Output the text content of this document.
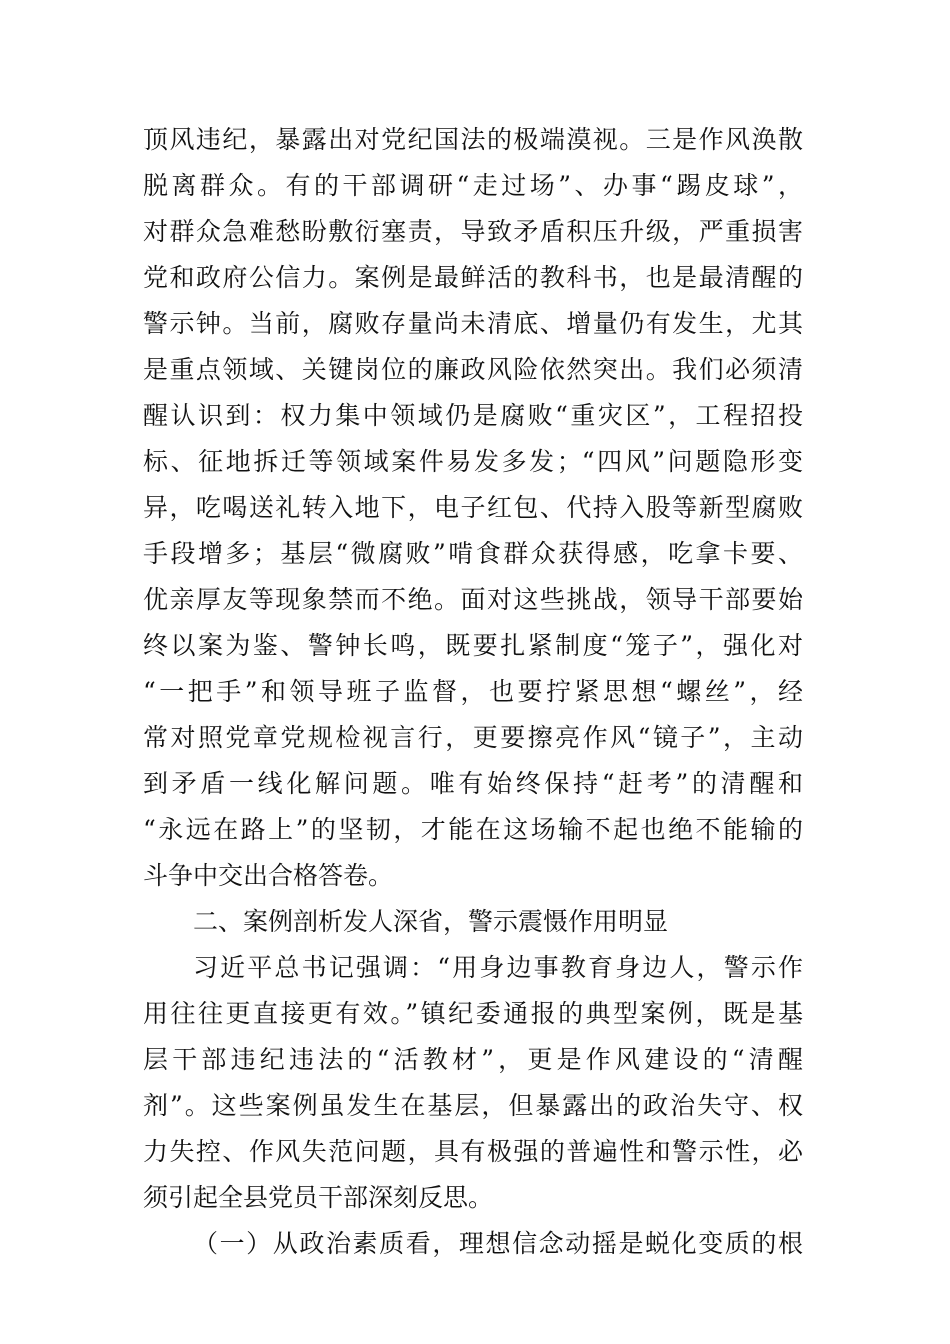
顶风违纪，暴露出对党纪国法的极端漠视。三是作风涣散
脱离群众。有的干部调研“走过场”、办事“踢皮球”，
对群众急难愁盼敷衍塞责，导致矛盾积压升级，严重损害
党和政府公信力。案例是最鲜活的教科书，也是最清醒的
警示钟。当前，腐败存量尚未清底、增量仍有发生，尤其
是重点领域、关键岗位的廉政风险依然突出。我们必须清
醒认识到：权力集中领域仍是腐败“重灾区”，工程招投
标、征地拆迁等领域案件易发多发；“四风”问题隐形变
异，吃喝送礼转入地下，电子红包、代持入股等新型腐败
手段增多；基层“微腐败”啃食群众获得感，吃拿卡要、
优亲厚友等现象禁而不绝。面对这些挑战，领导干部要始
终以案为鉴、警钟长鸣，既要扎紧制度“笼子”，强化对
“一把手”和领导班子监督，也要拧紧思想“螺丝”，经
常对照党章党规检视言行，更要擦亮作风“镜子”，主动
到矛盾一线化解问题。唯有始终保持“赶考”的清醒和
“永远在路上”的坚韧，才能在这场输不起也绝不能输的
斗争中交出合格答卷。
二、案例剖析发人深省，警示震慑作用明显
习近平总书记强调：“用身边事教育身边人，警示作
用往往更直接更有效。”镇纪委通报的典型案例，既是基
层干部违纪违法的“活教材”，更是作风建设的“清醒
剂”。这些案例虽发生在基层，但暴露出的政治失守、权
力失控、作风失范问题，具有极强的普遍性和警示性，必
须引起全县党员干部深刻反思。
（一）从政治素质看，理想信念动摇是蜕化变质的根
